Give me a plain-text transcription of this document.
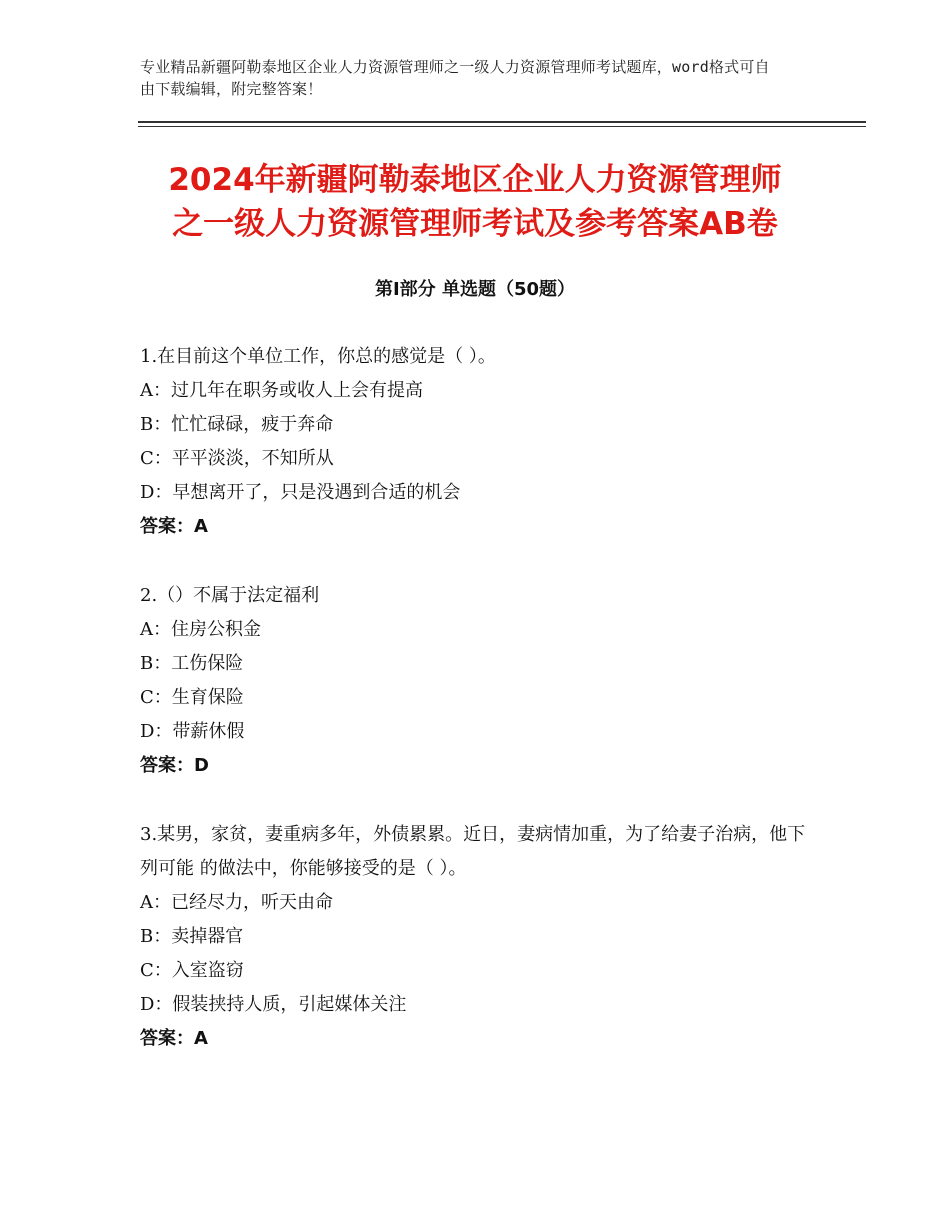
专业精品新疆阿勒泰地区企业人力资源管理师之一级人力资源管理师考试题库，word格式可自由下载编辑，附完整答案！
2024年新疆阿勒泰地区企业人力资源管理师
之一级人力资源管理师考试及参考答案AB卷
第Ⅰ部分 单选题（50题）
1.在目前这个单位工作，你总的感觉是（ ）。
A：过几年在职务或收人上会有提高
B：忙忙碌碌，疲于奔命
C：平平淡淡，不知所从
D：早想离开了，只是没遇到合适的机会
答案：A
2.（）不属于法定福利
A：住房公积金
B：工伤保险
C：生育保险
D：带薪休假
答案：D
3.某男，家贫，妻重病多年，外债累累。近日，妻病情加重，为了给妻子治病，他下列可能 的做法中，你能够接受的是（ ）。
A：已经尽力，听天由命
B：卖掉器官
C：入室盗窃
D：假装挟持人质，引起媒体关注
答案：A
